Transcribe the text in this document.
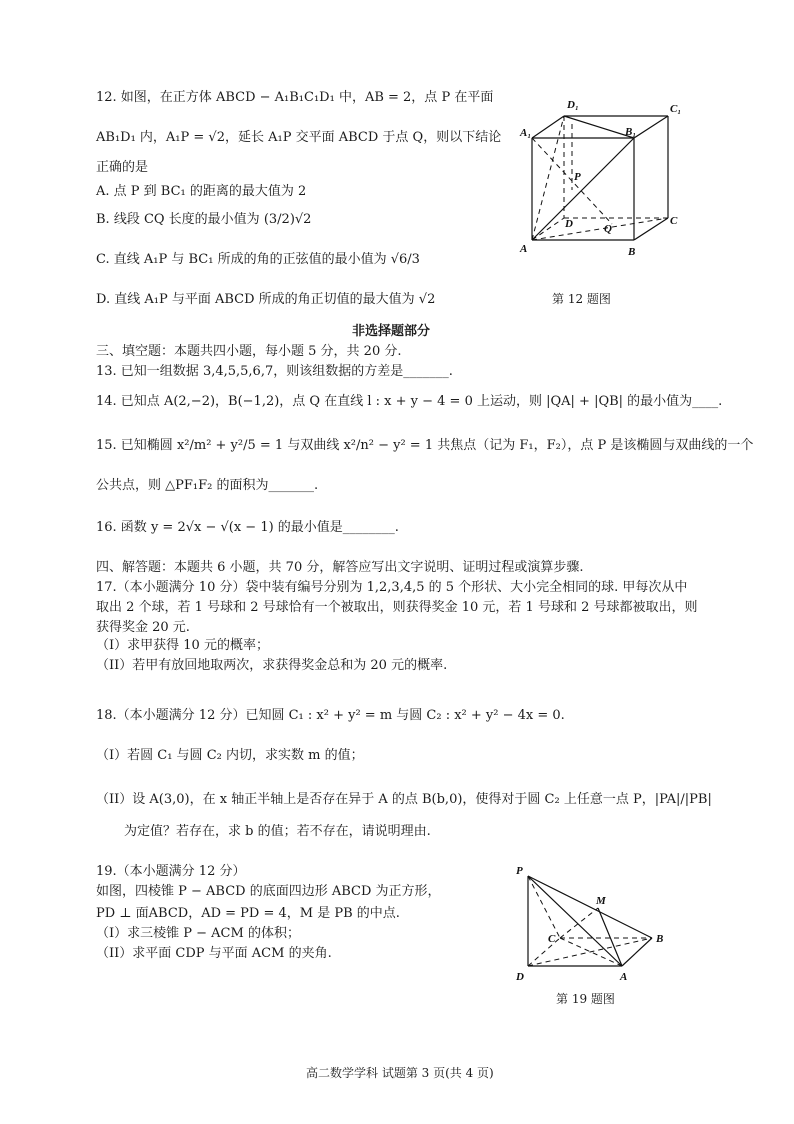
12. 如图，在正方体 ABCD − A₁B₁C₁D₁ 中，AB = 2，点 P 在平面
AB₁D₁ 内，A₁P = √2，延长 A₁P 交平面 ABCD 于点 Q，则以下结论
正确的是
A. 点 P 到 BC₁ 的距离的最大值为 2
B. 线段 CQ 长度的最小值为 (3/2)√2
C. 直线 A₁P 与 BC₁ 所成的角的正弦值的最小值为 √6/3
D. 直线 A₁P 与平面 ABCD 所成的角正切值的最大值为 √2
D₁	C₁
A₁	B₁
P
D	Q
C
A	B
第 12 题图
非选择题部分
三、填空题：本题共四小题，每小题 5 分，共 20 分.
13. 已知一组数据 3,4,5,5,6,7，则该组数据的方差是_______.
14. 已知点 A(2,−2)，B(−1,2)，点 Q 在直线 l : x + y − 4 = 0 上运动，则 |QA| + |QB| 的最小值为____.
15. 已知椭圆 x²/m² + y²/5 = 1 与双曲线 x²/n² − y² = 1 共焦点（记为 F₁，F₂），点 P 是该椭圆与双曲线的一个
公共点，则 △PF₁F₂ 的面积为_______.
16. 函数 y = 2√x − √(x − 1) 的最小值是________.
四、解答题：本题共 6 小题，共 70 分，解答应写出文字说明、证明过程或演算步骤.
17.（本小题满分 10 分）袋中装有编号分别为 1,2,3,4,5 的 5 个形状、大小完全相同的球. 甲每次从中
取出 2 个球，若 1 号球和 2 号球恰有一个被取出，则获得奖金 10 元，若 1 号球和 2 号球都被取出，则
获得奖金 20 元.
（I）求甲获得 10 元的概率；
（II）若甲有放回地取两次，求获得奖金总和为 20 元的概率.
18.（本小题满分 12 分）已知圆 C₁ : x² + y² = m 与圆 C₂ : x² + y² − 4x = 0.
（I）若圆 C₁ 与圆 C₂ 内切，求实数 m 的值；
（II）设 A(3,0)，在 x 轴正半轴上是否存在异于 A 的点 B(b,0)，使得对于圆 C₂ 上任意一点 P，|PA|/|PB|
为定值？若存在，求 b 的值；若不存在，请说明理由.
19.（本小题满分 12 分）
如图，四棱锥 P − ABCD 的底面四边形 ABCD 为正方形，
PD ⊥ 面ABCD，AD = PD = 4，M 是 PB 的中点.
（I）求三棱锥 P − ACM 的体积；
（II）求平面 CDP 与平面 ACM 的夹角.
P
M
C	B
D	A
第 19 题图
高二数学学科 试题第 3 页(共 4 页)
